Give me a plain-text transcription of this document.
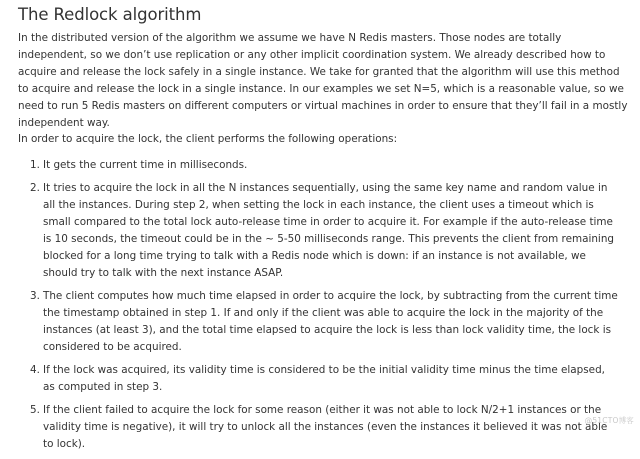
The Redlock algorithm

In the distributed version of the algorithm we assume we have N Redis masters. Those nodes are totally independent, so we don’t use replication or any other implicit coordination system. We already described how to acquire and release the lock safely in a single instance. We take for granted that the algorithm will use this method to acquire and release the lock in a single instance. In our examples we set N=5, which is a reasonable value, so we need to run 5 Redis masters on different computers or virtual machines in order to ensure that they’ll fail in a mostly independent way.

In order to acquire the lock, the client performs the following operations:

1. It gets the current time in milliseconds.
2. It tries to acquire the lock in all the N instances sequentially, using the same key name and random value in all the instances. During step 2, when setting the lock in each instance, the client uses a timeout which is small compared to the total lock auto-release time in order to acquire it. For example if the auto-release time is 10 seconds, the timeout could be in the ~ 5-50 milliseconds range. This prevents the client from remaining blocked for a long time trying to talk with a Redis node which is down: if an instance is not available, we should try to talk with the next instance ASAP.
3. The client computes how much time elapsed in order to acquire the lock, by subtracting from the current time the timestamp obtained in step 1. If and only if the client was able to acquire the lock in the majority of the instances (at least 3), and the total time elapsed to acquire the lock is less than lock validity time, the lock is considered to be acquired.
4. If the lock was acquired, its validity time is considered to be the initial validity time minus the time elapsed, as computed in step 3.
5. If the client failed to acquire the lock for some reason (either it was not able to lock N/2+1 instances or the validity time is negative), it will try to unlock all the instances (even the instances it believed it was not able to lock).
@51CTO博客
